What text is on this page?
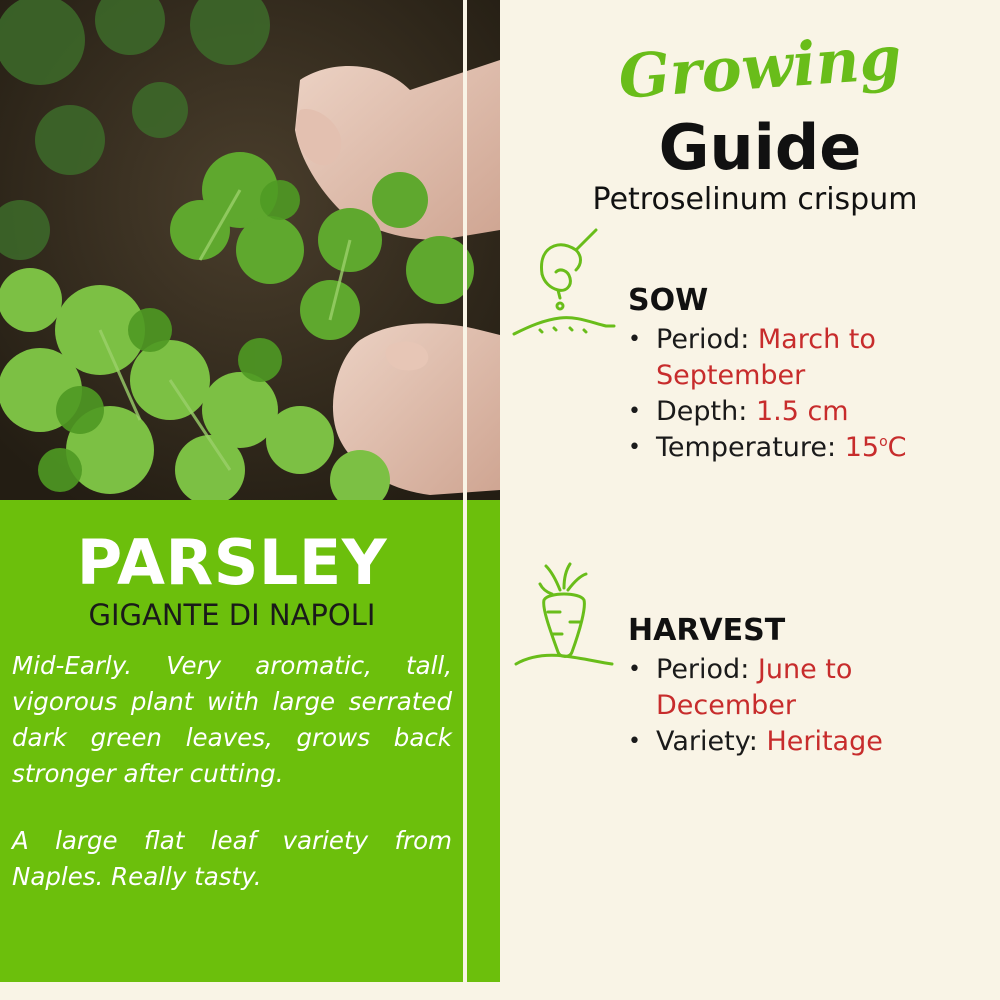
PARSLEY
GIGANTE DI NAPOLI
Mid-Early. Very aromatic, tall, vigorous plant with large serrated dark green leaves, grows back stronger after cutting.
A large flat leaf variety from Naples. Really tasty.
Growing
Guide
Petroselinum crispum
SOW
• Period: March to September
• Depth: 1.5 cm
• Temperature: 15$^o$C
HARVEST
• Period: June to December
• Variety: Heritage
